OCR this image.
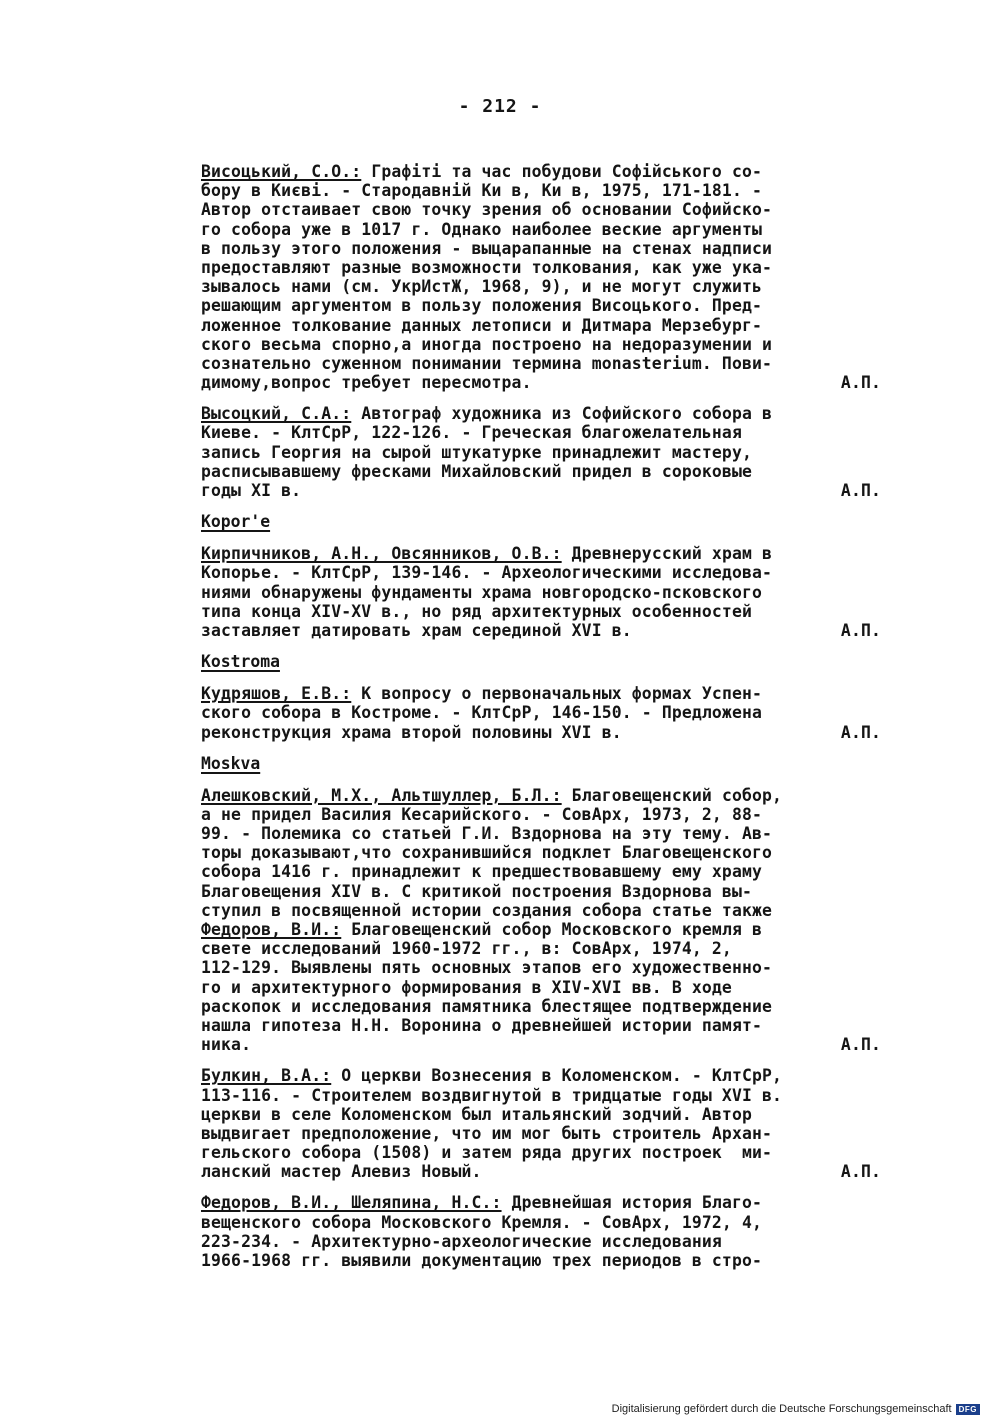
- 212 -
Висоцький, С.О.: Графіті та час побудови Софійського со-
бору в Києві. - Стародавній Ки в, Ки в, 1975, 171-181. -
Автор отстаивает свою точку зрения об основании Софийско-
го собора уже в 1017 г. Однако наиболее веские аргументы
в пользу этого положения - выцарапанные на стенах надписи
предоставляют разные возможности толкования, как уже ука-
зывалось нами (см. УкрИстЖ, 1968, 9), и не могут служить
решающим аргументом в пользу положения Висоцького. Пред-
ложенное толкование данных летописи и Дитмара Мерзебург-
ского весьма спорно,а иногда построено на недоразумении и
сознательно суженном понимании термина monasterium. Пови-
димому,вопрос требует пересмотра.	А.П.
Высоцкий, С.А.: Автограф художника из Софийского собора в
Киеве. - КлтСрР, 122-126. - Греческая благожелательная
запись Георгия на сырой штукатурке принадлежит мастеру,
расписывавшему фресками Михайловский придел в сороковые
годы XI в.	А.П.
Kopor'e
Кирпичников, А.Н., Овсянников, О.В.: Древнерусский храм в
Копорье. - КлтСрР, 139-146. - Археологическими исследова-
ниями обнаружены фундаменты храма новгородско-псковского
типа конца XIV-XV в., но ряд архитектурных особенностей
заставляет датировать храм серединой XVI в.	А.П.
Kostroma
Кудряшов, Е.В.: К вопросу о первоначальных формах Успен-
ского собора в Костроме. - КлтСрР, 146-150. - Предложена
реконструкция храма второй половины XVI в.	А.П.
Moskva
Алешковский, М.Х., Альтшуллер, Б.Л.: Благовещенский собор,
а не придел Василия Кесарийского. - СовАрх, 1973, 2, 88-
99. - Полемика со статьей Г.И. Вздорнова на эту тему. Ав-
торы доказывают,что сохранившийся подклет Благовещенского
собора 1416 г. принадлежит к предшествовавшему ему храму
Благовещения XIV в. С критикой построения Вздорнова вы-
ступил в посвященной истории создания собора статье также
Федоров, В.И.: Благовещенский собор Московского кремля в
свете исследований 1960-1972 гг., в: СовАрх, 1974, 2,
112-129. Выявлены пять основных этапов его художественно-
го и архитектурного формирования в XIV-XVI вв. В ходе
раскопок и исследования памятника блестящее подтверждение
нашла гипотеза Н.Н. Воронина о древнейшей истории памят-
ника.	А.П.
Булкин, В.А.: О церкви Вознесения в Коломенском. - КлтСрР,
113-116. - Строителем воздвигнутой в тридцатые годы XVI в.
церкви в селе Коломенском был итальянский зодчий. Автор
выдвигает предположение, что им мог быть строитель Архан-
гельского собора (1508) и затем ряда других построек  ми-
ланский мастер Алевиз Новый.	А.П.
Федоров, В.И., Шеляпина, Н.С.: Древнейшая история Благо-
вещенского собора Московского Кремля. - СовАрх, 1972, 4,
223-234. - Архитектурно-археологические исследования
1966-1968 гг. выявили документацию трех периодов в стро-
Digitalisierung gefördert durch die Deutsche Forschungsgemeinschaft DFG
